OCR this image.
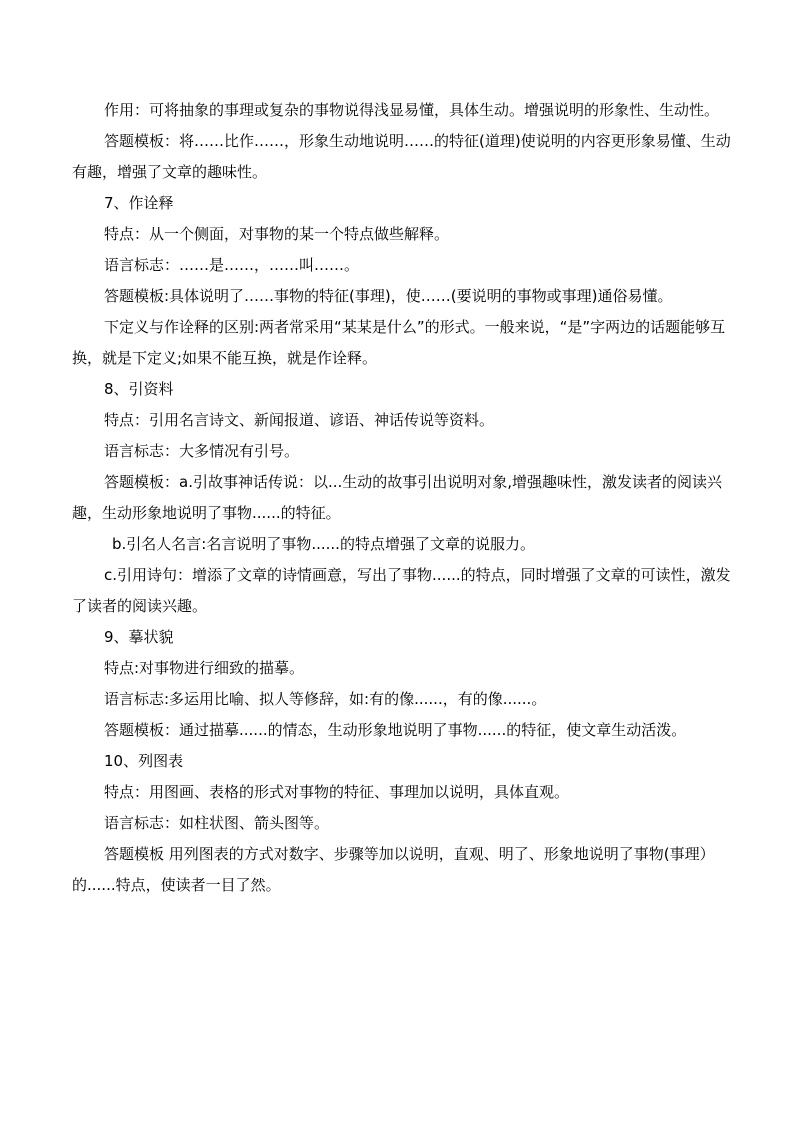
作用：可将抽象的事理或复杂的事物说得浅显易懂，具体生动。增强说明的形象性、生动性。

答题模板：将……比作……，形象生动地说明……的特征(道理)使说明的内容更形象易懂、生动有趣，增强了文章的趣味性。

7、作诠释

特点：从一个侧面，对事物的某一个特点做些解释。

语言标志：……是……，……叫……。

答题模板:具体说明了……事物的特征(事理)，使……(要说明的事物或事理)通俗易懂。

下定义与作诠释的区别:两者常采用“某某是什么”的形式。一般来说，“是”字两边的话题能够互换，就是下定义;如果不能互换，就是作诠释。

8、引资料

特点：引用名言诗文、新闻报道、谚语、神话传说等资料。

语言标志：大多情况有引号。

答题模板：a.引故事神话传说：以...生动的故事引出说明对象,增强趣味性，激发读者的阅读兴趣，生动形象地说明了事物......的特征。

b.引名人名言:名言说明了事物......的特点增强了文章的说服力。

c.引用诗句：增添了文章的诗情画意，写出了事物......的特点，同时增强了文章的可读性，激发了读者的阅读兴趣。

9、摹状貌

特点:对事物进行细致的描摹。

语言标志:多运用比喻、拟人等修辞，如:有的像......，有的像......。

答题模板：通过描摹......的情态，生动形象地说明了事物......的特征，使文章生动活泼。

10、列图表

特点：用图画、表格的形式对事物的特征、事理加以说明，具体直观。

语言标志：如柱状图、箭头图等。

答题模板 用列图表的方式对数字、步骤等加以说明，直观、明了、形象地说明了事物(事理）的......特点，使读者一目了然。
